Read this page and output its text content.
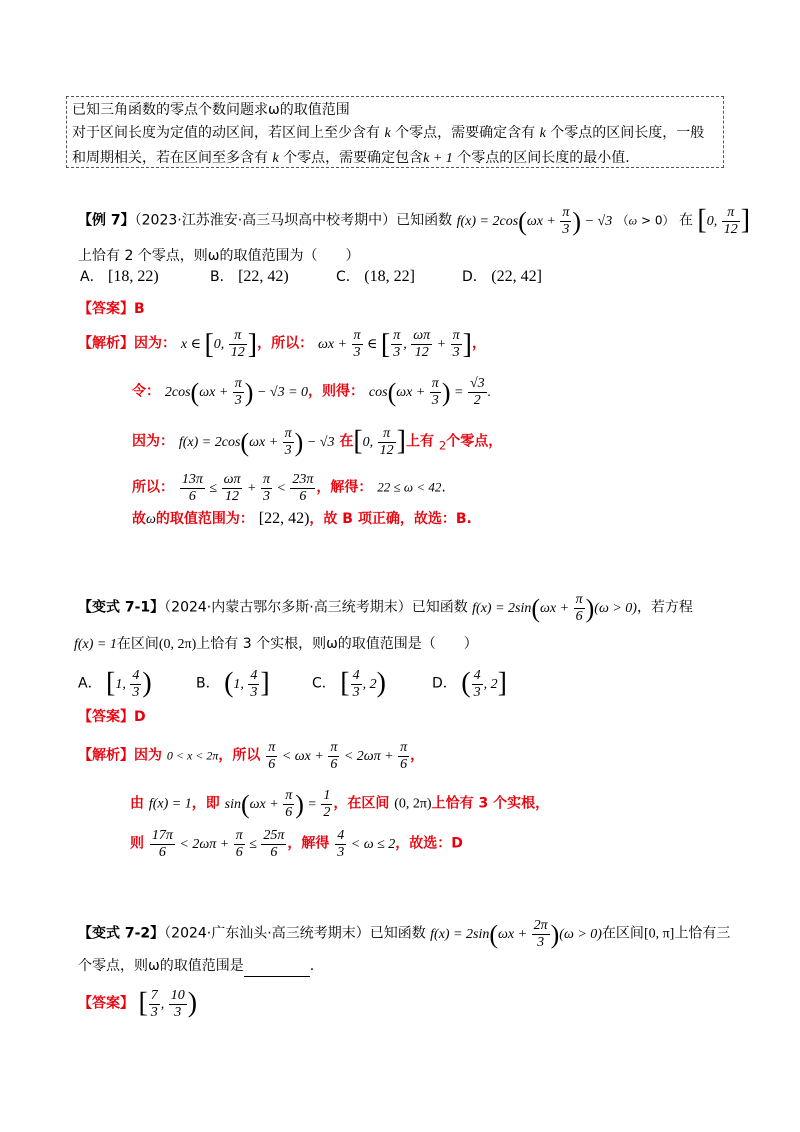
已知三角函数的零点个数问题求ω的取值范围
对于区间长度为定值的动区间，若区间上至少含有 k 个零点，需要确定含有 k 个零点的区间长度，一般
和周期相关，若在区间至多含有 k 个零点，需要确定包含k + 1 个零点的区间长度的最小值.
【例 7】（2023·江苏淮安·高三马坝高中校考期中）已知函数 $f(x) = 2\cos(\omega x + \frac{\pi}{3}$ ) − √3 （ω > 0） 在 [0, $\frac{\pi}{12}$ ]
上恰有 2 个零点，则ω的取值范围为（　　）
A． [18, 22)	B． [22, 42)	C． (18, 22]	D． (22, 42]
【答案】B
【解析】因为： x ∈ [0, $\frac{\pi}{12}$ ]，所以： $\omega x + \frac{\pi}{3}$ ∈ [ $\frac{\pi}{3}$ , $\frac{\omega\pi}{12} + \frac{\pi}{3}$ ]，
令： $2\cos(\omega x + \frac{\pi}{3}$ ) − √3 = 0，则得： $\cos(\omega x + \frac{\pi}{3}$ ) = $\frac{√3}{2}$ .
因为： $f(x) = 2\cos(\omega x + \frac{\pi}{3}$ ) − √3 在[0, $\frac{\pi}{12}$ ]上有 $_2$个零点，
所以： $\frac{13\pi}{6} \le \frac{\omega\pi}{12} + \frac{\pi}{3} < \frac{23\pi}{6}$ ，解得： 22 ≤ ω < 42.
故ω的取值范围为： [22, 42)，故 B 项正确，故选：B.
【变式 7-1】（2024·内蒙古鄂尔多斯·高三统考期末）已知函数 $f(x) = 2\sin(\omega x + \frac{\pi}{6} )(\omega > 0)$，若方程
f(x) = 1在区间(0, 2π)上恰有 3 个实根，则ω的取值范围是（　　）
A． [1, $\frac{4}{3}$ )	B． (1, $\frac{4}{3}$ ]	C． [ $\frac{4}{3}$ , 2)	D． ( $\frac{4}{3}$ , 2]
【答案】D
【解析】因为 0 < x < 2π，所以 $\frac{\pi}{6} < \omega x + \frac{\pi}{6} < 2\omega\pi + \frac{\pi}{6}$ ，
由 f(x) = 1，即 $\sin(\omega x + \frac{\pi}{6}$ ) = $\frac{1}{2}$ ，在区间 (0, 2π)上恰有 3 个实根，
则 $\frac{17\pi}{6} < 2\omega\pi + \frac{\pi}{6} \le \frac{25\pi}{6}$ ，解得 $\frac{4}{3} < \omega \le 2$，故选：D
【变式 7-2】（2024·广东汕头·高三统考期末）已知函数 $f(x) = 2\sin(\omega x + \frac{2\pi}{3} )(\omega > 0)$在区间[0, π]上恰有三
个零点，则ω的取值范围是	.
【答案】 [ $\frac{7}{3}$ , $\frac{10}{3}$ )
